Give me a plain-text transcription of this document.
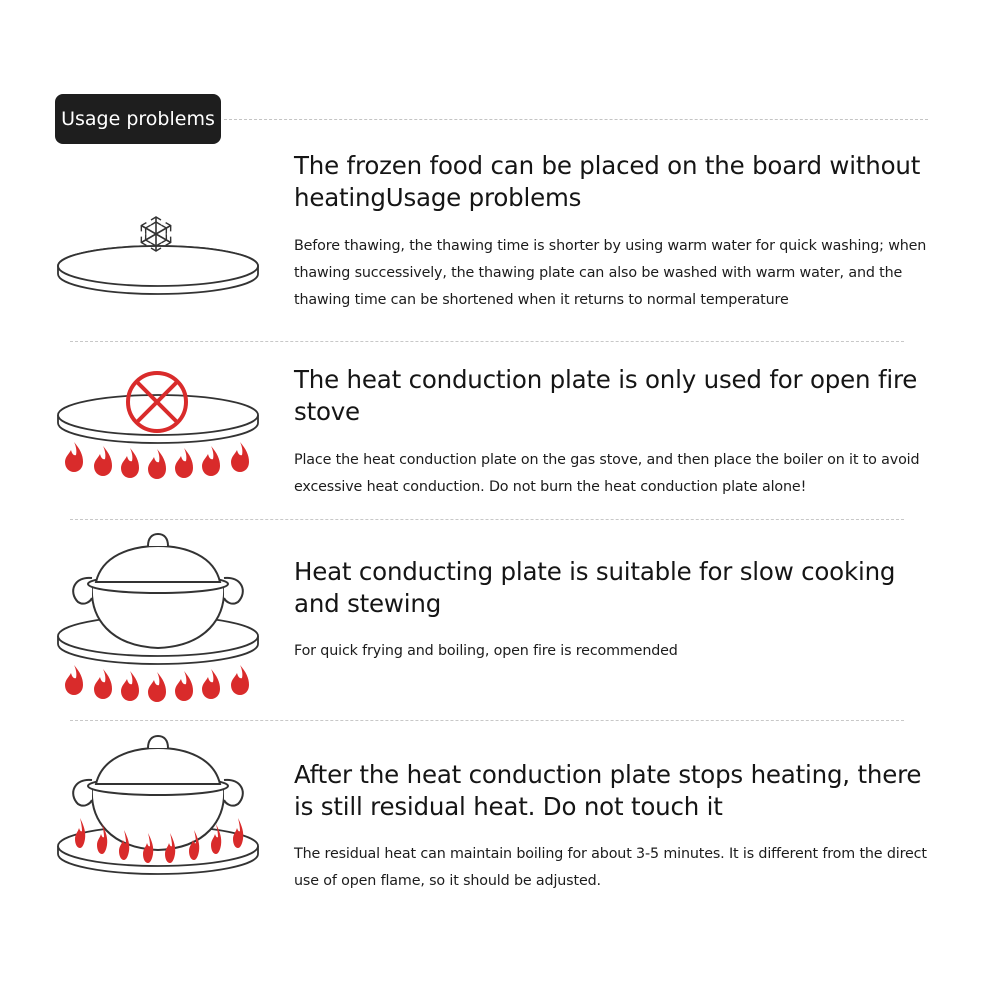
Usage problems
The frozen food can be placed on the board without heatingUsage problems

Before thawing, the thawing time is shorter by using warm water for quick washing; when thawing successively, the thawing plate can also be washed with warm water, and the thawing time can be shortened when it returns to normal temperature

The heat conduction plate is only used for open fire stove

Place the heat conduction plate on the gas stove, and then place the boiler on it to avoid excessive heat conduction. Do not burn the heat conduction plate alone!

Heat conducting plate is suitable for slow cooking and stewing

For quick frying and boiling, open fire is recommended

After the heat conduction plate stops heating, there is still residual heat. Do not touch it

The residual heat can maintain boiling for about 3-5 minutes. It is different from the direct use of open flame, so it should be adjusted.
